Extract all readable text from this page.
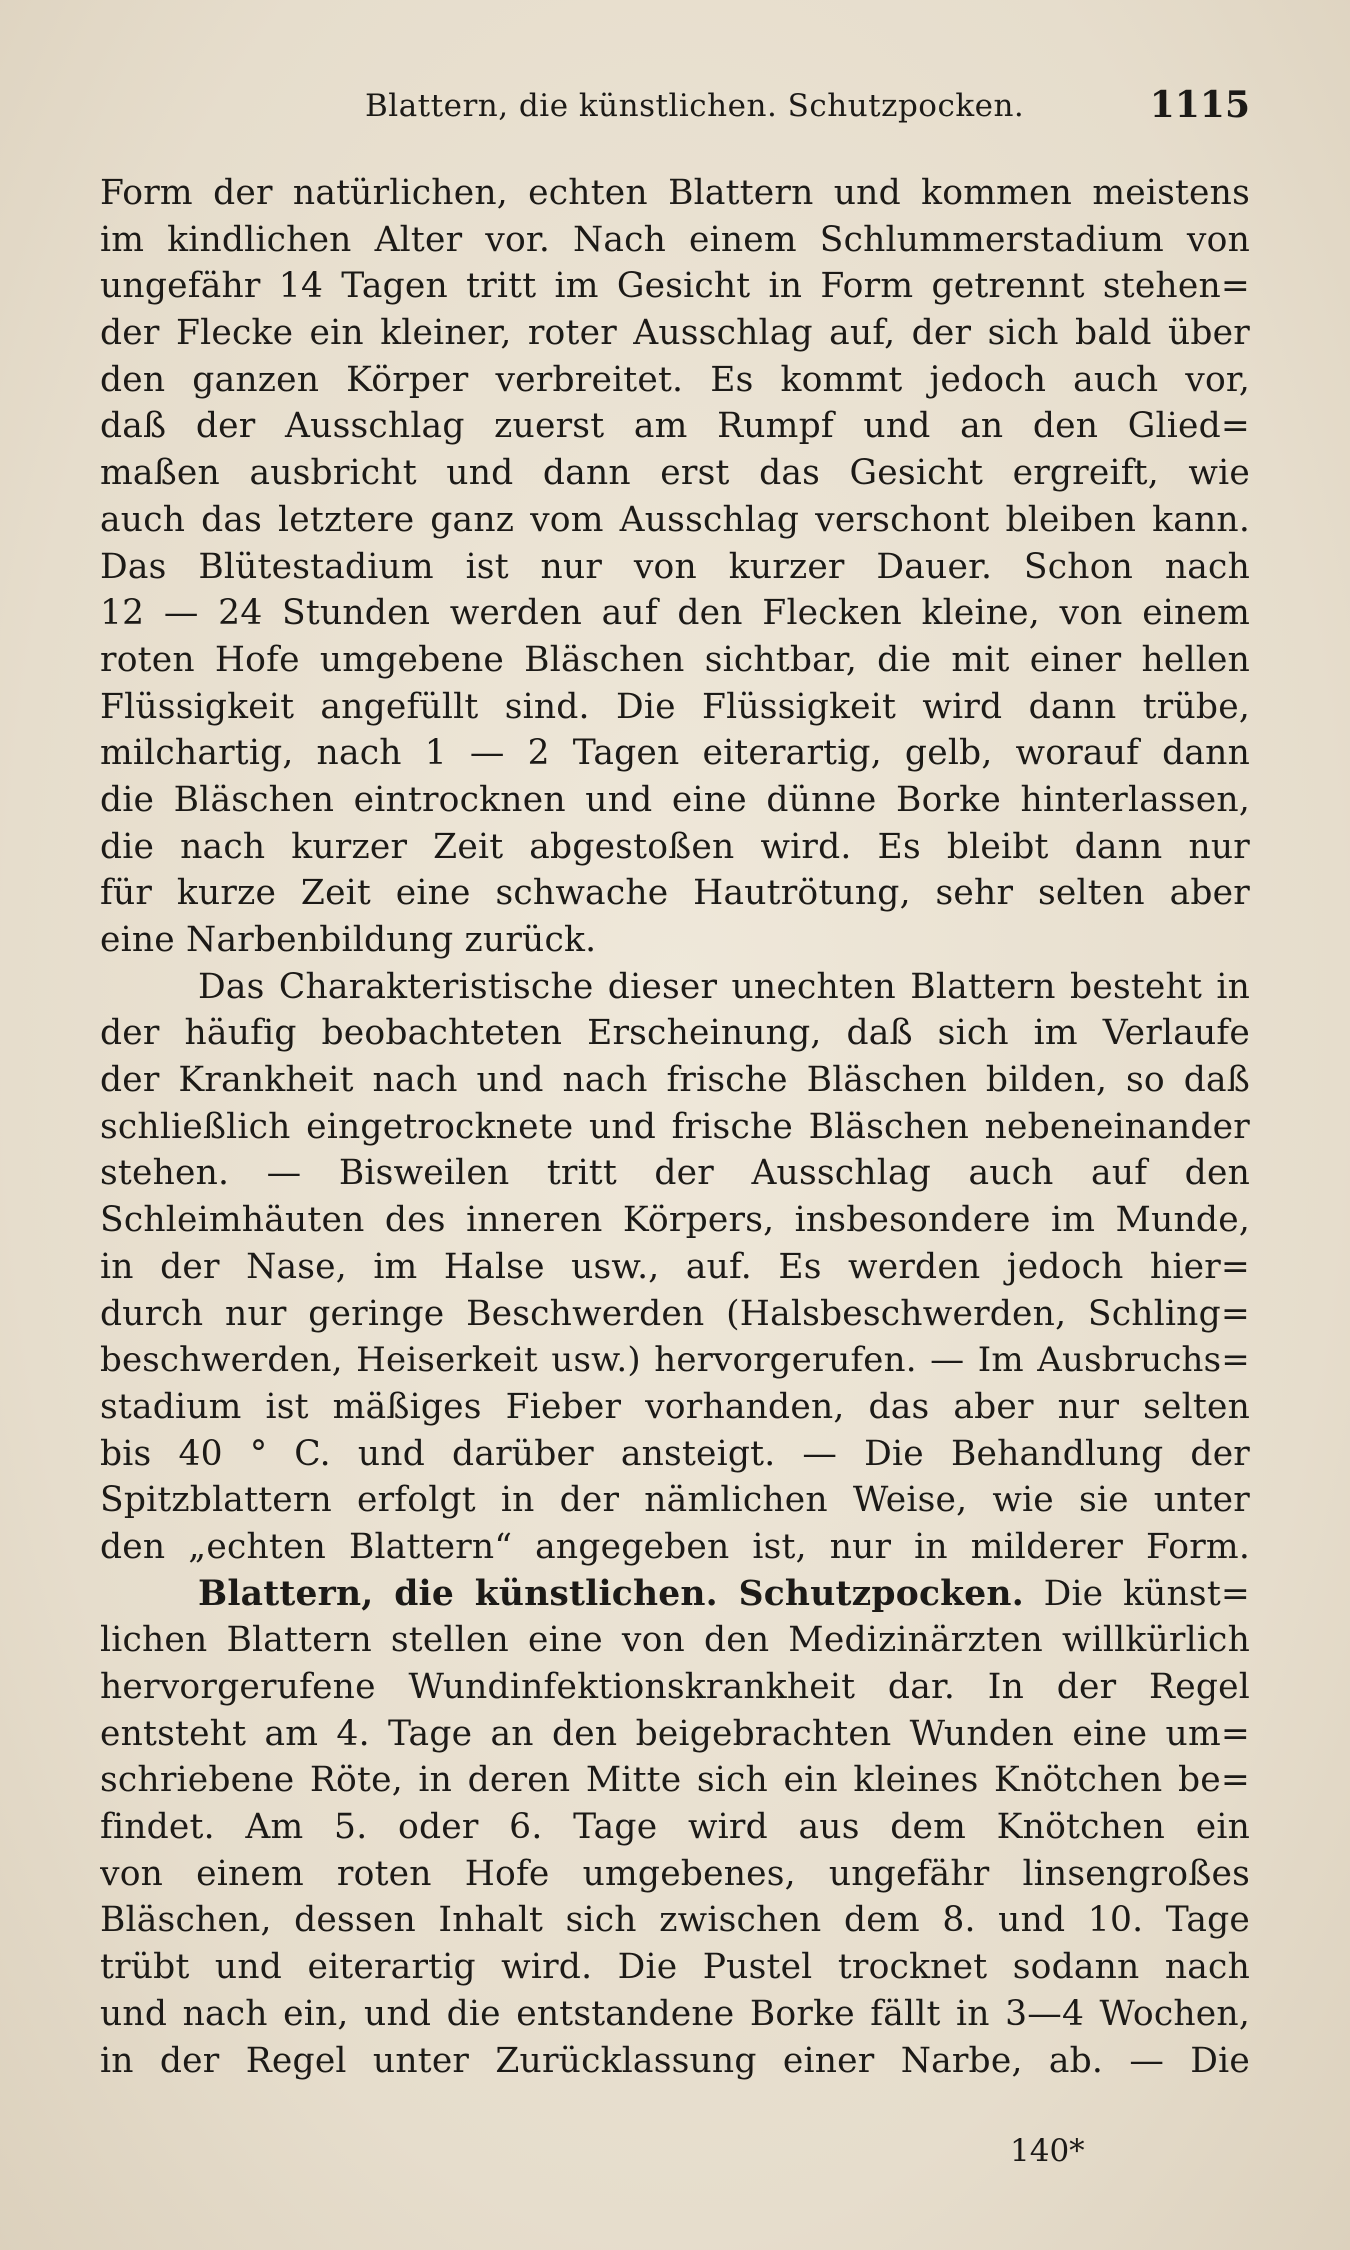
Blattern, die künstlichen. Schutzpocken.	1115
Form der natürlichen, echten Blattern und kommen meistens
im kindlichen Alter vor. Nach einem Schlummerstadium von
ungefähr 14 Tagen tritt im Gesicht in Form getrennt stehen=
der Flecke ein kleiner, roter Ausschlag auf, der sich bald über
den ganzen Körper verbreitet. Es kommt jedoch auch vor,
daß der Ausschlag zuerst am Rumpf und an den Glied=
maßen ausbricht und dann erst das Gesicht ergreift, wie
auch das letztere ganz vom Ausschlag verschont bleiben kann.
Das Blütestadium ist nur von kurzer Dauer. Schon nach
12 — 24 Stunden werden auf den Flecken kleine, von einem
roten Hofe umgebene Bläschen sichtbar, die mit einer hellen
Flüssigkeit angefüllt sind. Die Flüssigkeit wird dann trübe,
milchartig, nach 1 — 2 Tagen eiterartig, gelb, worauf dann
die Bläschen eintrocknen und eine dünne Borke hinterlassen,
die nach kurzer Zeit abgestoßen wird. Es bleibt dann nur
für kurze Zeit eine schwache Hautrötung, sehr selten aber
eine Narbenbildung zurück.
Das Charakteristische dieser unechten Blattern besteht in
der häufig beobachteten Erscheinung, daß sich im Verlaufe
der Krankheit nach und nach frische Bläschen bilden, so daß
schließlich eingetrocknete und frische Bläschen nebeneinander
stehen. — Bisweilen tritt der Ausschlag auch auf den
Schleimhäuten des inneren Körpers, insbesondere im Munde,
in der Nase, im Halse usw., auf. Es werden jedoch hier=
durch nur geringe Beschwerden (Halsbeschwerden, Schling=
beschwerden, Heiserkeit usw.) hervorgerufen. — Im Ausbruchs=
stadium ist mäßiges Fieber vorhanden, das aber nur selten
bis 40 ° C. und darüber ansteigt. — Die Behandlung der
Spitzblattern erfolgt in der nämlichen Weise, wie sie unter
den „echten Blattern“ angegeben ist, nur in milderer Form.
Blattern, die künstlichen. Schutzpocken. Die künst=
lichen Blattern stellen eine von den Medizinärzten willkürlich
hervorgerufene Wundinfektionskrankheit dar. In der Regel
entsteht am 4. Tage an den beigebrachten Wunden eine um=
schriebene Röte, in deren Mitte sich ein kleines Knötchen be=
findet. Am 5. oder 6. Tage wird aus dem Knötchen ein
von einem roten Hofe umgebenes, ungefähr linsengroßes
Bläschen, dessen Inhalt sich zwischen dem 8. und 10. Tage
trübt und eiterartig wird. Die Pustel trocknet sodann nach
und nach ein, und die entstandene Borke fällt in 3—4 Wochen,
in der Regel unter Zurücklassung einer Narbe, ab. — Die
140*
